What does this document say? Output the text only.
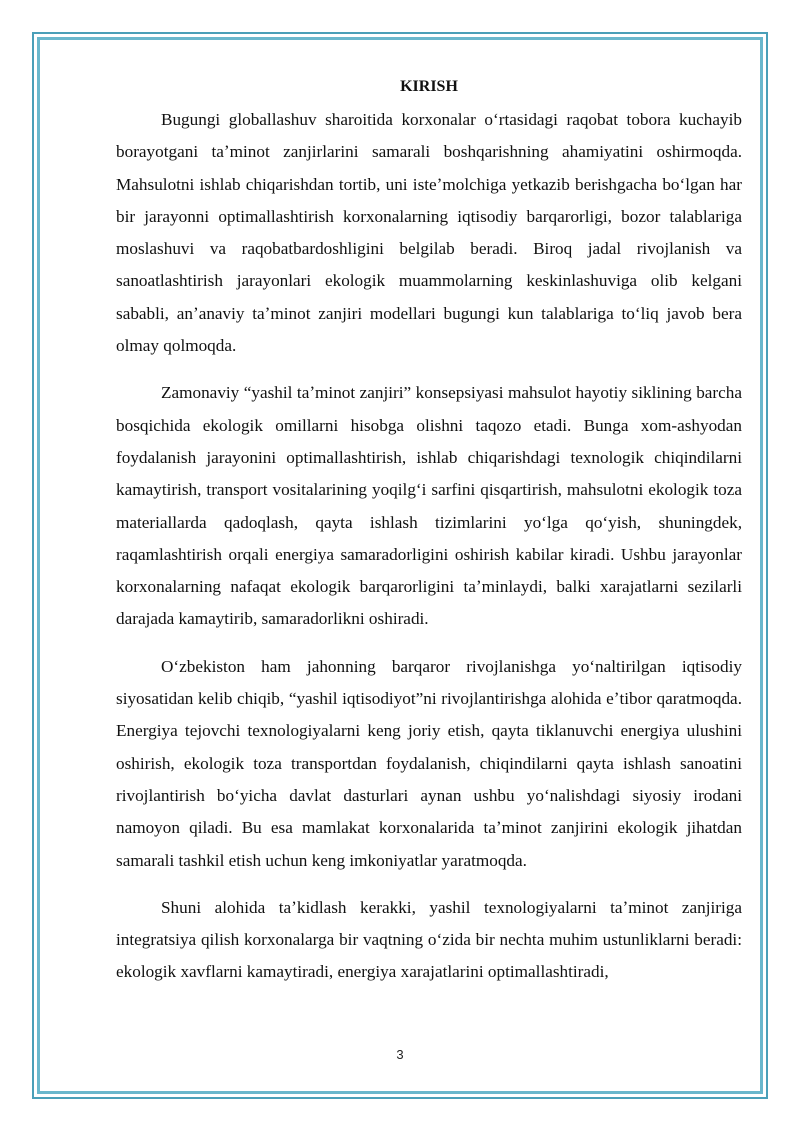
KIRISH

Bugungi globallashuv sharoitida korxonalar oʻrtasidagi raqobat tobora kuchayib borayotgani taʼminot zanjirlarini samarali boshqarishning ahamiyatini oshirmoqda. Mahsulotni ishlab chiqarishdan tortib, uni isteʼmolchiga yetkazib berishgacha boʻlgan har bir jarayonni optimallashtirish korxonalarning iqtisodiy barqarorligi, bozor talablariga moslashuvi va raqobatbardoshligini belgilab beradi. Biroq jadal rivojlanish va sanoatlashtirish jarayonlari ekologik muammolarning keskinlashuviga olib kelgani sababli, anʼanaviy taʼminot zanjiri modellari bugungi kun talablariga toʻliq javob bera olmay qolmoqda.

Zamonaviy “yashil taʼminot zanjiri” konsepsiyasi mahsulot hayotiy siklining barcha bosqichida ekologik omillarni hisobga olishni taqozo etadi. Bunga xom-ashyodan foydalanish jarayonini optimallashtirish, ishlab chiqarishdagi texnologik chiqindilarni kamaytirish, transport vositalarining yoqilgʻi sarfini qisqartirish, mahsulotni ekologik toza materiallarda qadoqlash, qayta ishlash tizimlarini yoʻlga qoʻyish, shuningdek, raqamlashtirish orqali energiya samaradorligini oshirish kabilar kiradi. Ushbu jarayonlar korxonalarning nafaqat ekologik barqarorligini taʼminlaydi, balki xarajatlarni sezilarli darajada kamaytirib, samaradorlikni oshiradi.

Oʻzbekiston ham jahonning barqaror rivojlanishga yoʻnaltirilgan iqtisodiy siyosatidan kelib chiqib, “yashil iqtisodiyot”ni rivojlantirishga alohida eʼtibor qaratmoqda. Energiya tejovchi texnologiyalarni keng joriy etish, qayta tiklanuvchi energiya ulushini oshirish, ekologik toza transportdan foydalanish, chiqindilarni qayta ishlash sanoatini rivojlantirish boʻyicha davlat dasturlari aynan ushbu yoʻnalishdagi siyosiy irodani namoyon qiladi. Bu esa mamlakat korxonalarida taʼminot zanjirini ekologik jihatdan samarali tashkil etish uchun keng imkoniyatlar yaratmoqda.

Shuni alohida taʼkidlash kerakki, yashil texnologiyalarni taʼminot zanjiriga integratsiya qilish korxonalarga bir vaqtning oʻzida bir nechta muhim ustunliklarni beradi: ekologik xavflarni kamaytiradi, energiya xarajatlarini optimallashtiradi,

3
